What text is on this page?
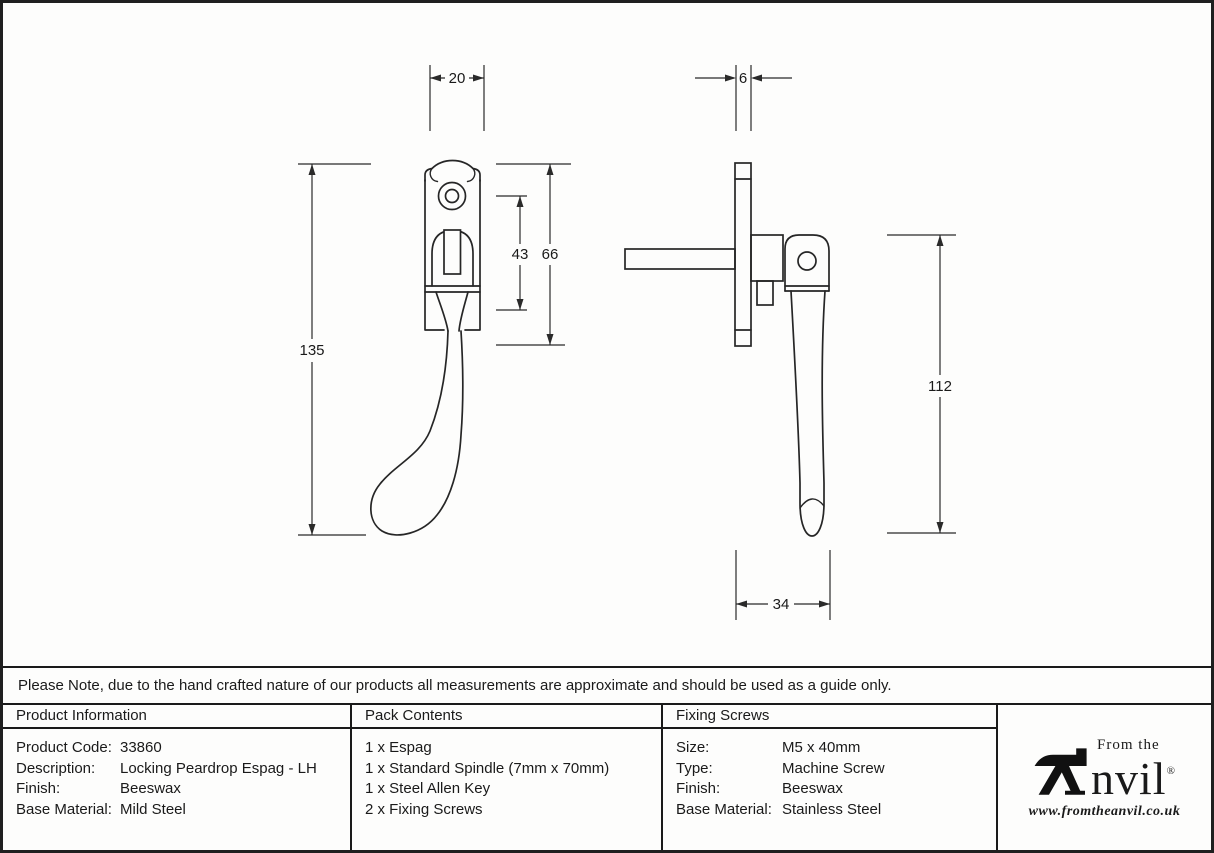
20	6
135
43 66
112
34
Please Note, due to the hand crafted nature of our products all measurements are approximate and should be used as a guide only.
Product Information	Pack Contents	Fixing Screws
From the
nvil®
www.fromtheanvil.co.uk
Product Code: 33860
Description:	Locking Peardrop Espag - LH
Finish:	Beeswax
Base Material: Mild Steel
1 x Espag
1 x Standard Spindle (7mm x 70mm)
1 x Steel Allen Key
2 x Fixing Screws
Size:	M5 x 40mm
Type:	Machine Screw
Finish:	Beeswax
Base Material: Stainless Steel
